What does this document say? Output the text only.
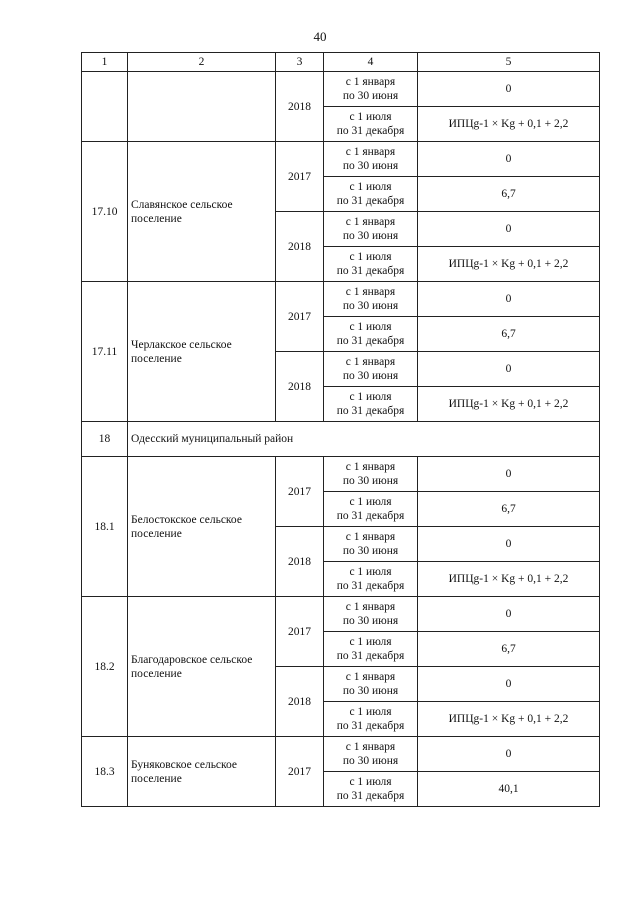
40
1	2	3	4	5
		2018	с 1 января
по 30 июня	0

			с 1 июля
по 31 декабря	ИПЦg-1 × Kg + 0,1 + 2,2
17.10	Славянское сельское поселение	2017	с 1 января
по 30 июня	0

			с 1 июля
по 31 декабря	6,7
		2018	с 1 января
по 30 июня	0

			с 1 июля
по 31 декабря	ИПЦg-1 × Kg + 0,1 + 2,2
17.11	Черлакское сельское поселение	2017	с 1 января
по 30 июня	0

			с 1 июля
по 31 декабря	6,7
		2018	с 1 января
по 30 июня	0

			с 1 июля
по 31 декабря	ИПЦg-1 × Kg + 0,1 + 2,2
18	Одесский муниципальный район			
18.1	Белостокское сельское поселение	2017	с 1 января
по 30 июня	0

			с 1 июля
по 31 декабря	6,7
		2018	с 1 января
по 30 июня	0

			с 1 июля
по 31 декабря	ИПЦg-1 × Kg + 0,1 + 2,2
18.2	Благодаровское сельское поселение	2017	с 1 января
по 30 июня	0

			с 1 июля
по 31 декабря	6,7
		2018	с 1 января
по 30 июня	0

			с 1 июля
по 31 декабря	ИПЦg-1 × Kg + 0,1 + 2,2
18.3	Буняковское сельское поселение	2017	с 1 января
по 30 июня	0

			с 1 июля
по 31 декабря	40,1
